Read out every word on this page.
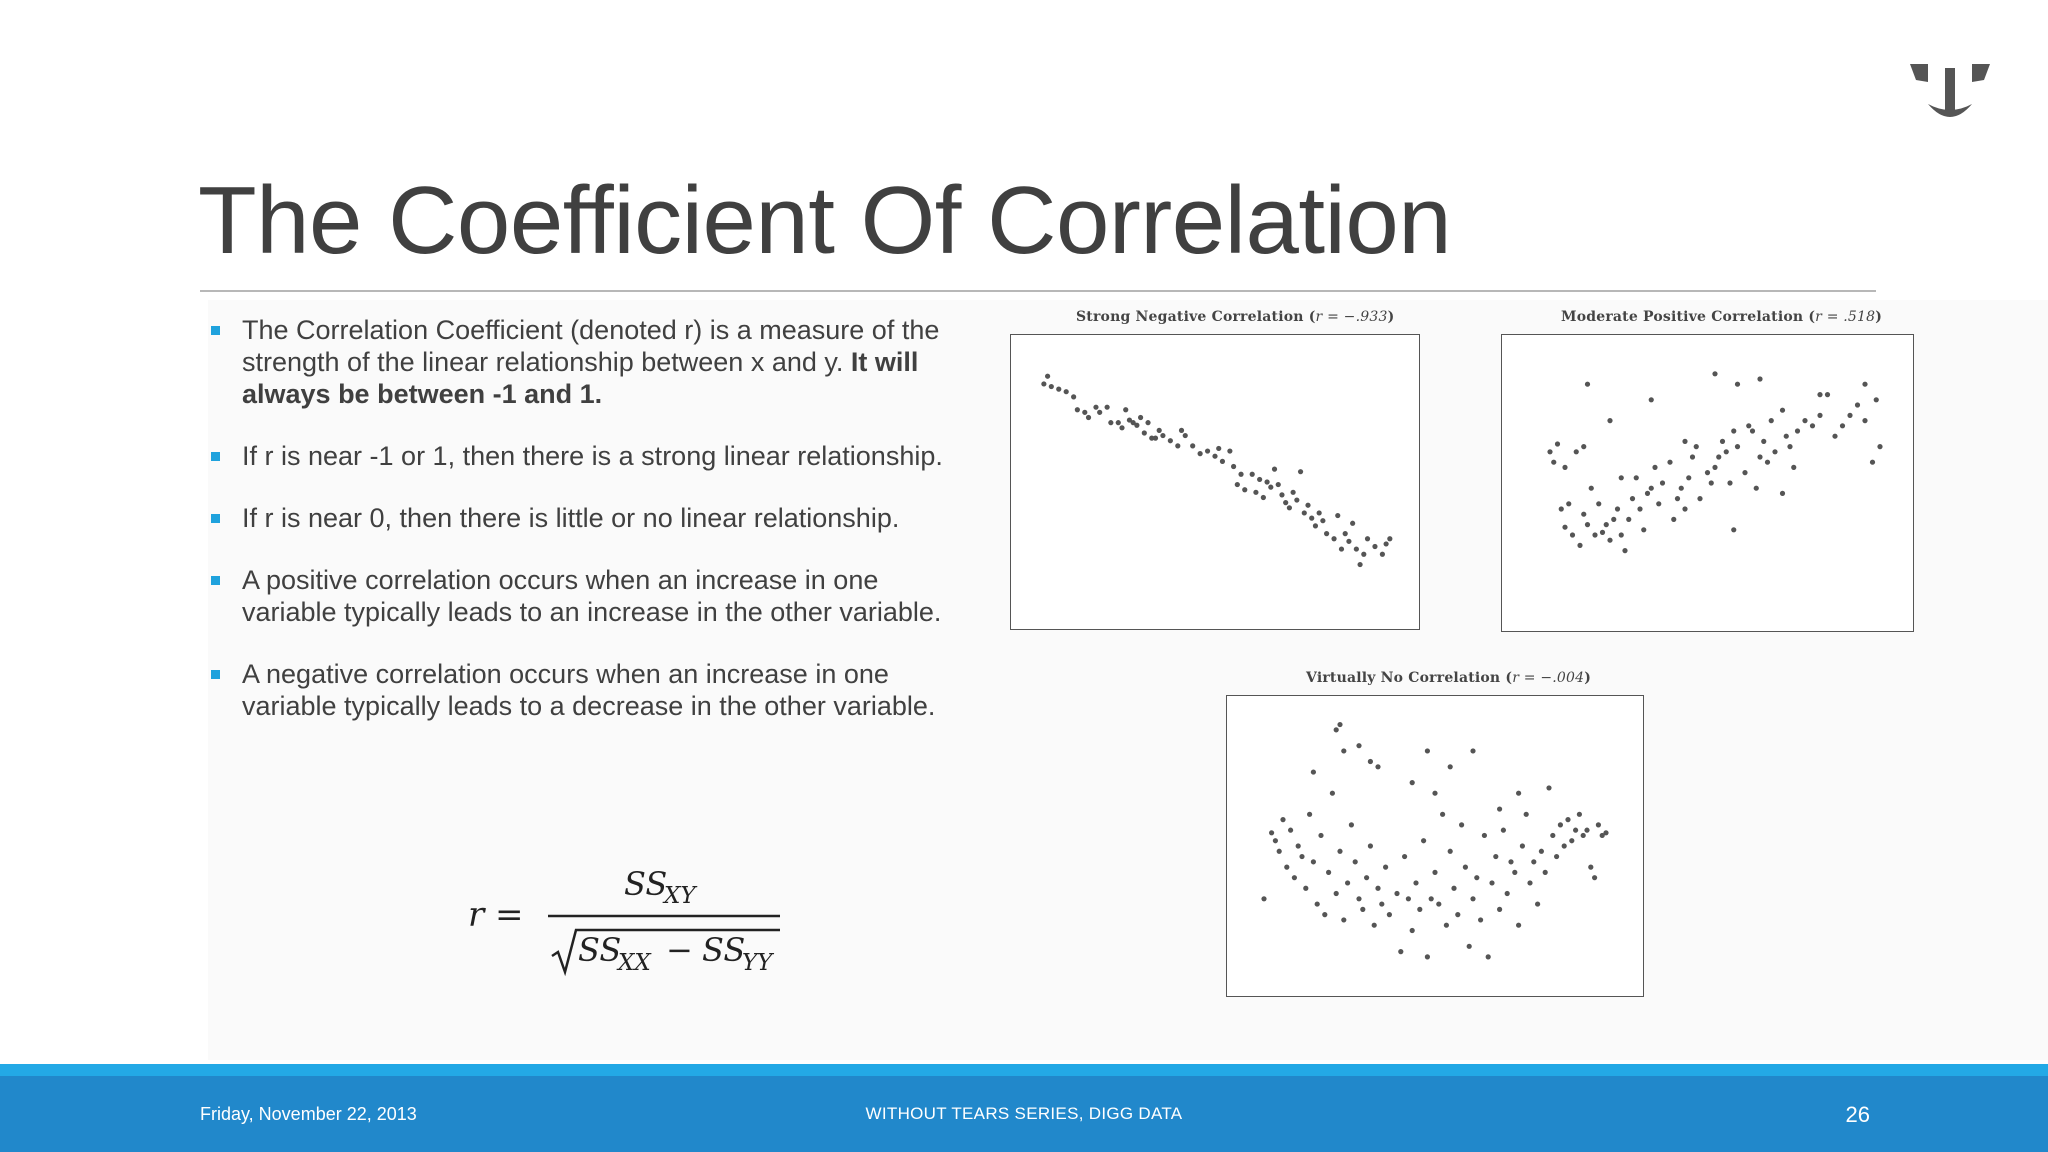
The Coefficient Of Correlation
The Correlation Coefficient (denoted r) is a measure of the strength of the linear relationship between x and y. It will always be between -1 and 1.
If r is near -1 or 1, then there is a strong linear relationship.
If r is near 0, then there is little or no linear relationship.
A positive correlation occurs when an increase in one variable typically leads to an increase in the other variable.
A negative correlation occurs when an increase in one variable typically leads to a decrease in the other variable.
r =
SS
XY
SS
XX − SS
YY
Strong Negative Correlation (r = −.933)	Moderate Positive Correlation (r = .518)
Virtually No Correlation (r = −.004)
Friday, November 22, 2013	WITHOUT TEARS SERIES, DIGG DATA	26
